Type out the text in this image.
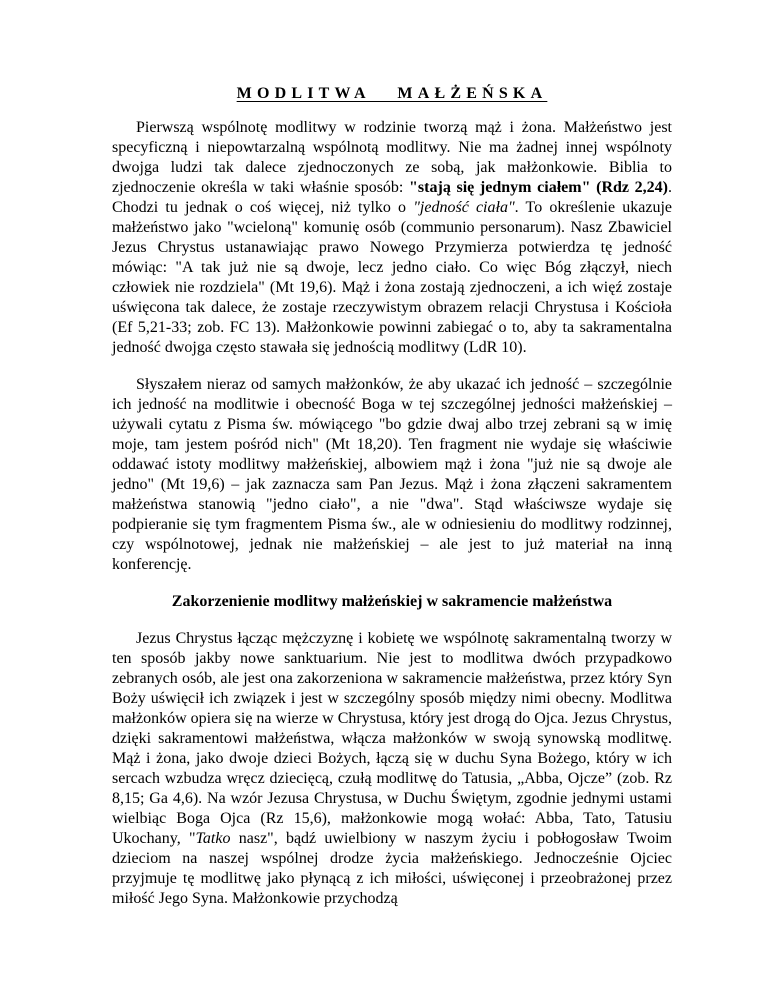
MODLITWA   MAŁŻEŃSKA

Pierwszą wspólnotę modlitwy w rodzinie tworzą mąż i żona. Małżeństwo jest specyficzną i niepowtarzalną wspólnotą modlitwy. Nie ma żadnej innej wspólnoty dwojga ludzi tak dalece zjednoczonych ze sobą, jak małżonkowie. Biblia to zjednoczenie określa w taki właśnie sposób: "stają się jednym ciałem" (Rdz 2,24). Chodzi tu jednak o coś więcej, niż tylko o "jedność ciała". To określenie ukazuje małżeństwo jako "wcieloną" komunię osób (communio personarum). Nasz Zbawiciel Jezus Chrystus ustanawiając prawo Nowego Przymierza potwierdza tę jedność mówiąc: "A tak już nie są dwoje, lecz jedno ciało. Co więc Bóg złączył, niech człowiek nie rozdziela" (Mt 19,6). Mąż i żona zostają zjednoczeni, a ich więź zostaje uświęcona tak dalece, że zostaje rzeczywistym obrazem relacji Chrystusa i Kościoła (Ef 5,21-33; zob. FC 13). Małżonkowie powinni zabiegać o to, aby ta sakramentalna jedność dwojga często stawała się jednością modlitwy (LdR 10).

Słyszałem nieraz od samych małżonków, że aby ukazać ich jedność – szczególnie ich jedność na modlitwie i obecność Boga w tej szczególnej jedności małżeńskiej – używali cytatu z Pisma św. mówiącego "bo gdzie dwaj albo trzej zebrani są w imię moje, tam jestem pośród nich" (Mt 18,20). Ten fragment nie wydaje się właściwie oddawać istoty modlitwy małżeńskiej, albowiem mąż i żona "już nie są dwoje ale jedno" (Mt 19,6) – jak zaznacza sam Pan Jezus. Mąż i żona złączeni sakramentem małżeństwa stanowią "jedno ciało", a nie "dwa". Stąd właściwsze wydaje się podpieranie się tym fragmentem Pisma św., ale w odniesieniu do modlitwy rodzinnej, czy wspólnotowej, jednak nie małżeńskiej – ale jest to już materiał na inną konferencję.

Zakorzenienie modlitwy małżeńskiej w sakramencie małżeństwa

Jezus Chrystus łącząc mężczyznę i kobietę we wspólnotę sakramentalną tworzy w ten sposób jakby nowe sanktuarium. Nie jest to modlitwa dwóch przypadkowo zebranych osób, ale jest ona zakorzeniona w sakramencie małżeństwa, przez który Syn Boży uświęcił ich związek i jest w szczególny sposób między nimi obecny. Modlitwa małżonków opiera się na wierze w Chrystusa, który jest drogą do Ojca. Jezus Chrystus, dzięki sakramentowi małżeństwa, włącza małżonków w swoją synowską modlitwę. Mąż i żona, jako dwoje dzieci Bożych, łączą się w duchu Syna Bożego, który w ich sercach wzbudza wręcz dziecięcą, czułą modlitwę do Tatusia, „Abba, Ojcze” (zob. Rz 8,15; Ga 4,6). Na wzór Jezusa Chrystusa, w Duchu Świętym, zgodnie jednymi ustami wielbiąc Boga Ojca (Rz 15,6), małżonkowie mogą wołać: Abba, Tato, Tatusiu Ukochany, "Tatko nasz", bądź uwielbiony w naszym życiu i pobłogosław Twoim dzieciom na naszej wspólnej drodze życia małżeńskiego. Jednocześnie Ojciec przyjmuje tę modlitwę jako płynącą z ich miłości, uświęconej i przeobrażonej przez miłość Jego Syna. Małżonkowie przychodzą
